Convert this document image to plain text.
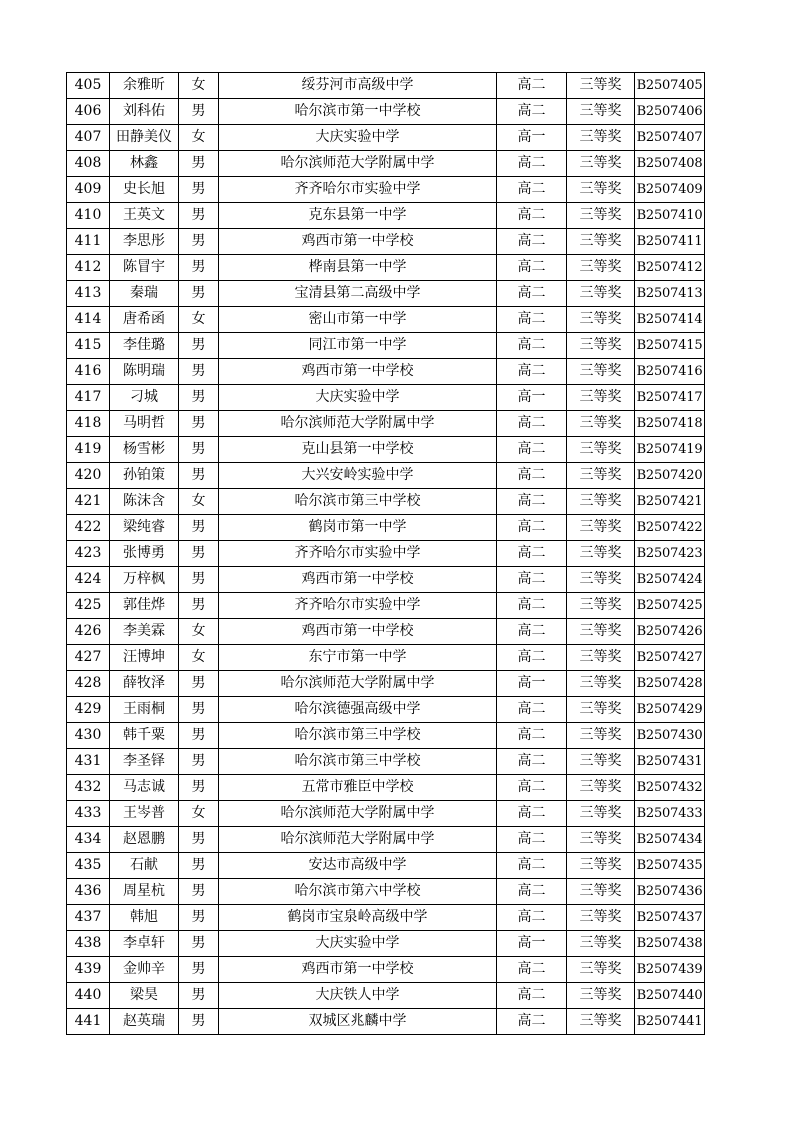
405	余雅昕	女	绥芬河市高级中学	高二	三等奖	B2507405
406	刘科佑	男	哈尔滨市第一中学校	高二	三等奖	B2507406
407	田静美仪	女	大庆实验中学	高一	三等奖	B2507407
408	林鑫	男	哈尔滨师范大学附属中学	高二	三等奖	B2507408
409	史长旭	男	齐齐哈尔市实验中学	高二	三等奖	B2507409
410	王英文	男	克东县第一中学	高二	三等奖	B2507410
411	李思彤	男	鸡西市第一中学校	高二	三等奖	B2507411
412	陈冒宇	男	桦南县第一中学	高二	三等奖	B2507412
413	秦瑞	男	宝清县第二高级中学	高二	三等奖	B2507413
414	唐希函	女	密山市第一中学	高二	三等奖	B2507414
415	李佳璐	男	同江市第一中学	高二	三等奖	B2507415
416	陈明瑞	男	鸡西市第一中学校	高二	三等奖	B2507416
417	刁城	男	大庆实验中学	高一	三等奖	B2507417
418	马明哲	男	哈尔滨师范大学附属中学	高二	三等奖	B2507418
419	杨雪彬	男	克山县第一中学校	高二	三等奖	B2507419
420	孙铂策	男	大兴安岭实验中学	高二	三等奖	B2507420
421	陈沫含	女	哈尔滨市第三中学校	高二	三等奖	B2507421
422	梁纯睿	男	鹤岗市第一中学	高二	三等奖	B2507422
423	张博勇	男	齐齐哈尔市实验中学	高二	三等奖	B2507423
424	万梓枫	男	鸡西市第一中学校	高二	三等奖	B2507424
425	郭佳烨	男	齐齐哈尔市实验中学	高二	三等奖	B2507425
426	李美霖	女	鸡西市第一中学校	高二	三等奖	B2507426
427	汪博坤	女	东宁市第一中学	高二	三等奖	B2507427
428	薛牧泽	男	哈尔滨师范大学附属中学	高一	三等奖	B2507428
429	王雨桐	男	哈尔滨德强高级中学	高二	三等奖	B2507429
430	韩千粟	男	哈尔滨市第三中学校	高二	三等奖	B2507430
431	李圣铎	男	哈尔滨市第三中学校	高二	三等奖	B2507431
432	马志诚	男	五常市雅臣中学校	高二	三等奖	B2507432
433	王岑普	女	哈尔滨师范大学附属中学	高二	三等奖	B2507433
434	赵恩鹏	男	哈尔滨师范大学附属中学	高二	三等奖	B2507434
435	石献	男	安达市高级中学	高二	三等奖	B2507435
436	周星杭	男	哈尔滨市第六中学校	高二	三等奖	B2507436
437	韩旭	男	鹤岗市宝泉岭高级中学	高二	三等奖	B2507437
438	李卓轩	男	大庆实验中学	高一	三等奖	B2507438
439	金帅辛	男	鸡西市第一中学校	高二	三等奖	B2507439
440	梁昊	男	大庆铁人中学	高二	三等奖	B2507440
441	赵英瑞	男	双城区兆麟中学	高二	三等奖	B2507441
